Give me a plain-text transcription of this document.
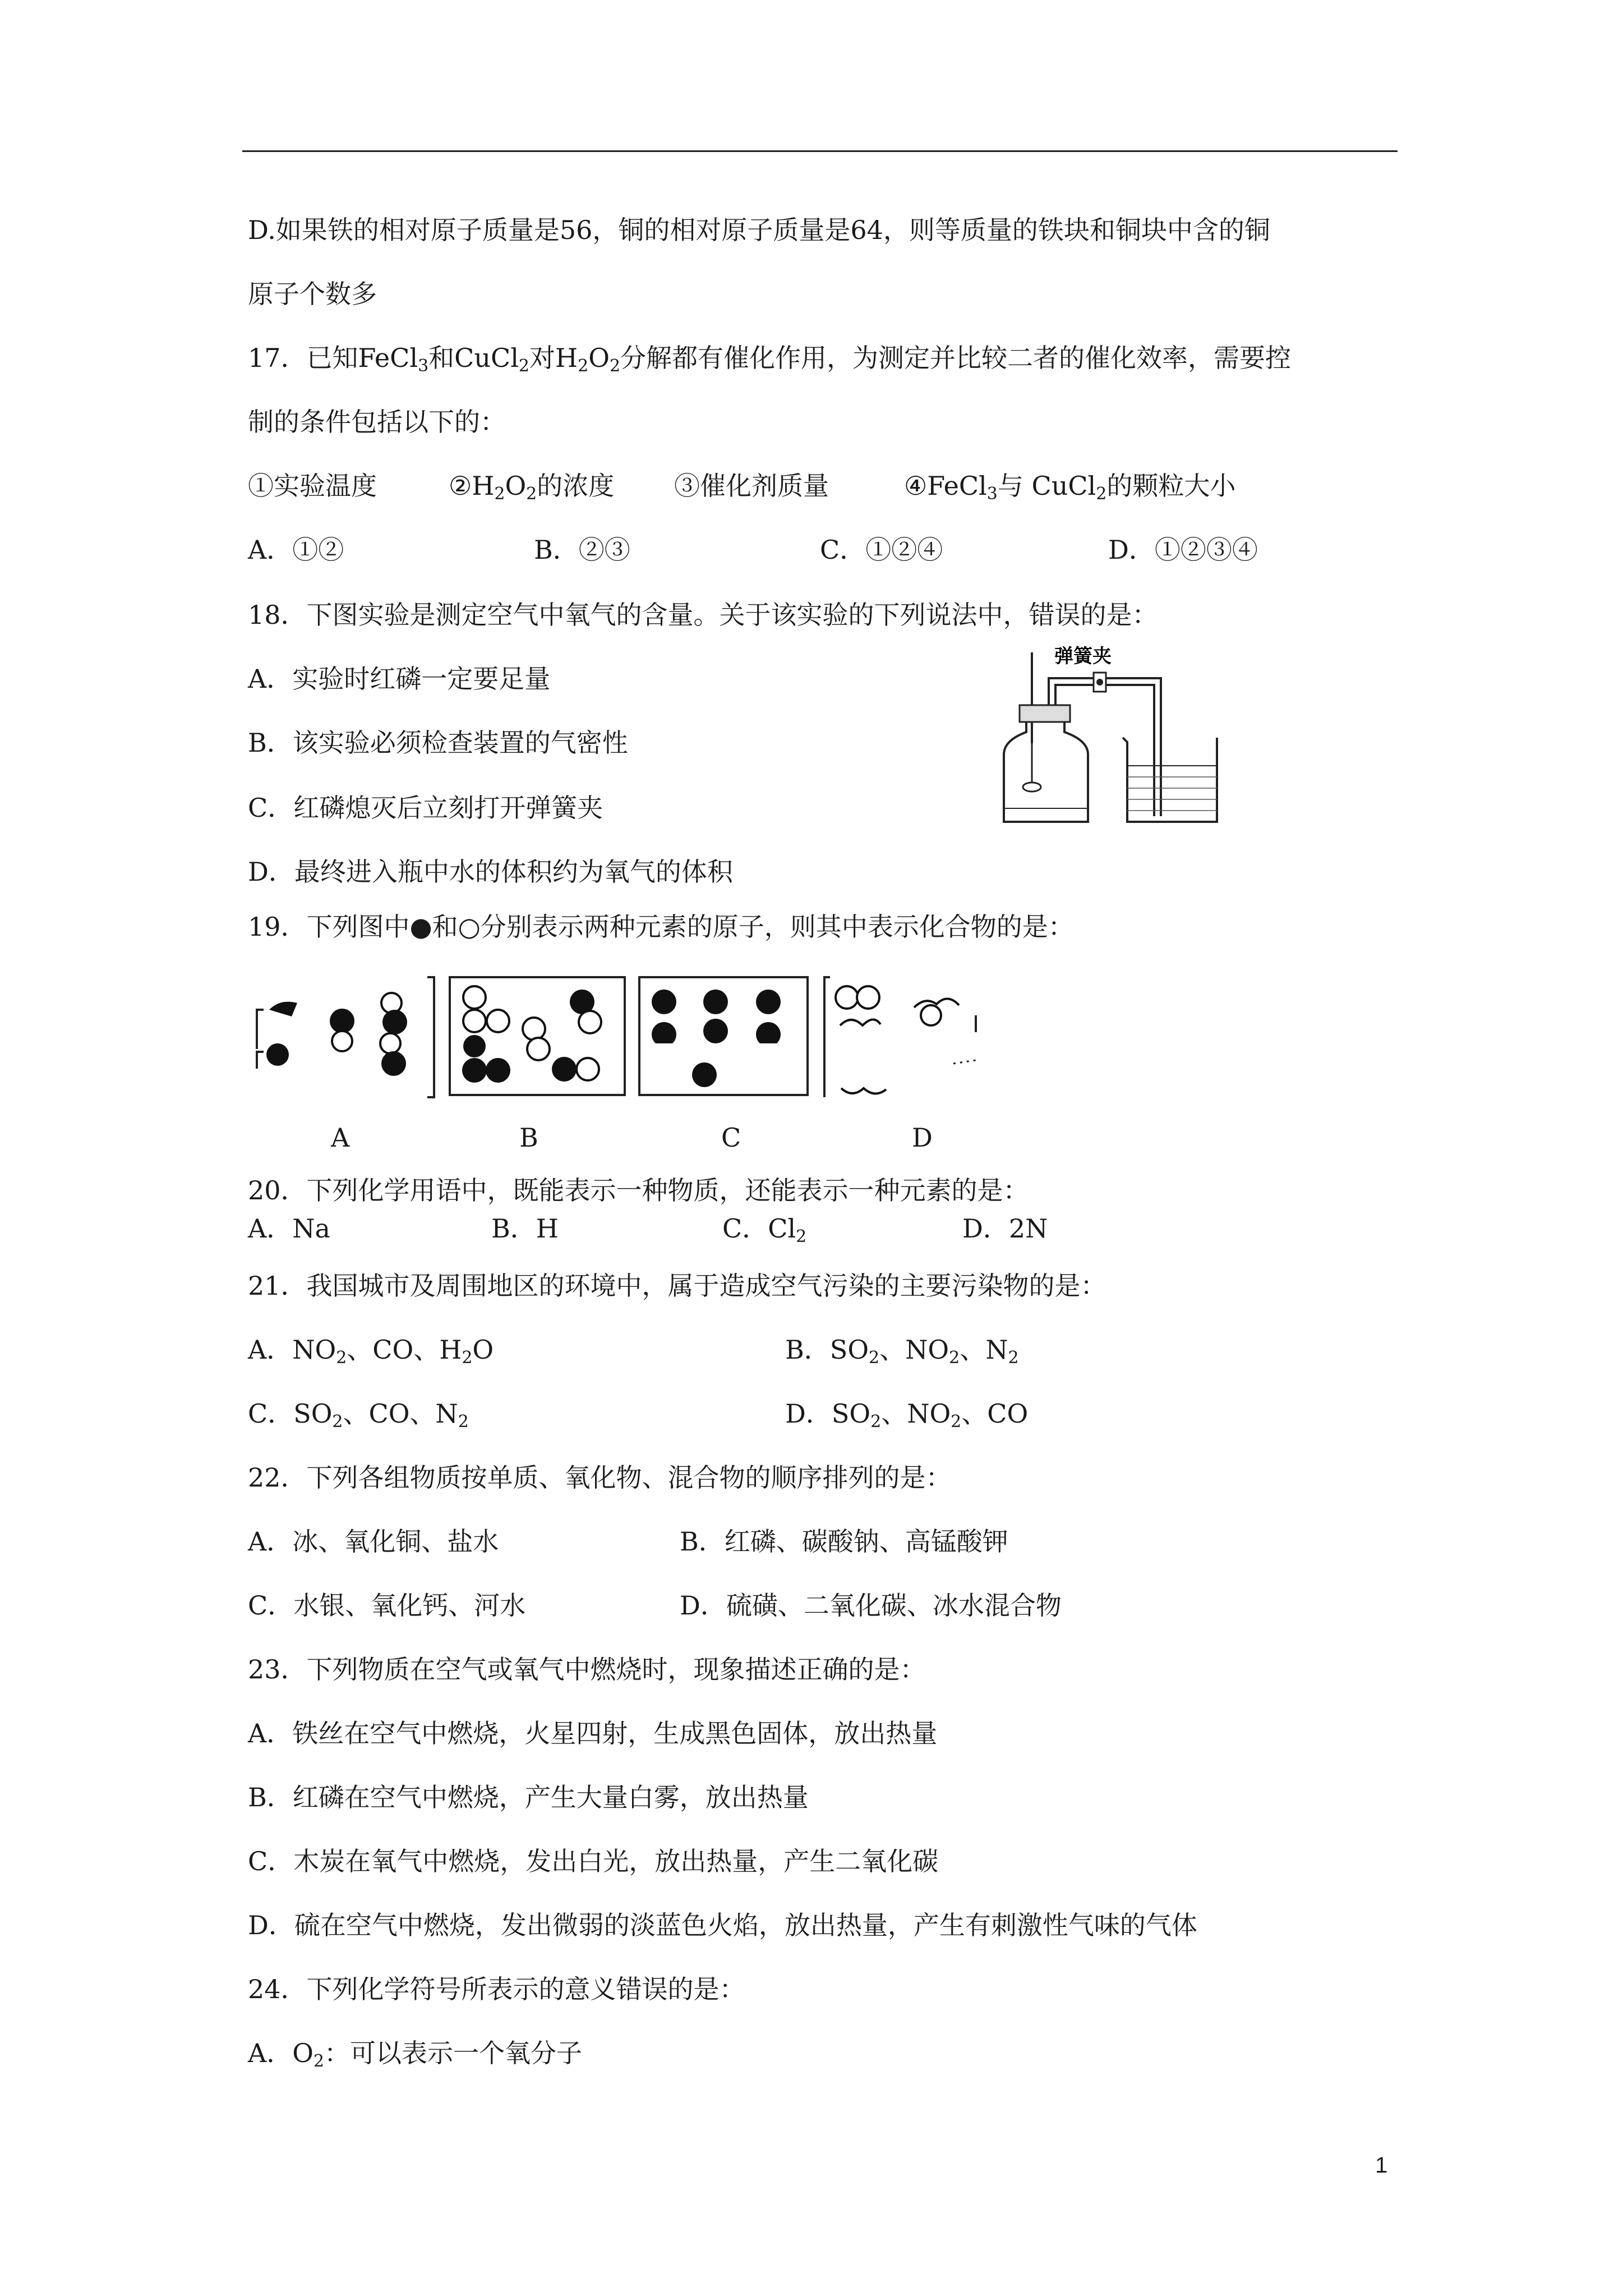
D.如果铁的相对原子质量是56，铜的相对原子质量是64，则等质量的铁块和铜块中含的铜
原子个数多
17．已知FeCl$_3$和CuCl$_2$对$H_2O_2$分解都有催化作用，为测定并比较二者的催化效率，需要控
制的条件包括以下的：
①实验温度	$②H_2O_2$的浓度 ③催化剂质量	④FeCl$_3$与 CuCl$_2$的颗粒大小
A．①②	B．②③	C．①②④	D．①②③④
18．下图实验是测定空气中氧气的含量。关于该实验的下列说法中，错误的是：
A．实验时红磷一定要足量
B．该实验必须检查装置的气密性
C．红磷熄灭后立刻打开弹簧夹
D．最终进入瓶中水的体积约为氧气的体积
弹簧夹
19．下列图中●和○分别表示两种元素的原子，则其中表示化合物的是：
A	B	C	D
20．下列化学用语中，既能表示一种物质，还能表示一种元素的是：
A．Na	B．H	C．$Cl_2$	D．2N
21．我国城市及周围地区的环境中，属于造成空气污染的主要污染物的是：
A．$NO_2$、CO、$H_2O$	B．$SO_2$、$NO_2$、$N_2$
C．$SO_2$、CO、$N_2$	D．$SO_2$、$NO_2$、CO
22．下列各组物质按单质、氧化物、混合物的顺序排列的是：
A．冰、氧化铜、盐水	B．红磷、碳酸钠、高锰酸钾
C．水银、氧化钙、河水	D．硫磺、二氧化碳、冰水混合物
23．下列物质在空气或氧气中燃烧时，现象描述正确的是：
A．铁丝在空气中燃烧，火星四射，生成黑色固体，放出热量
B．红磷在空气中燃烧，产生大量白雾，放出热量
C．木炭在氧气中燃烧，发出白光，放出热量，产生二氧化碳
D．硫在空气中燃烧，发出微弱的淡蓝色火焰，放出热量，产生有刺激性气味的气体
24．下列化学符号所表示的意义错误的是：
A．$O_2$：可以表示一个氧分子
1
